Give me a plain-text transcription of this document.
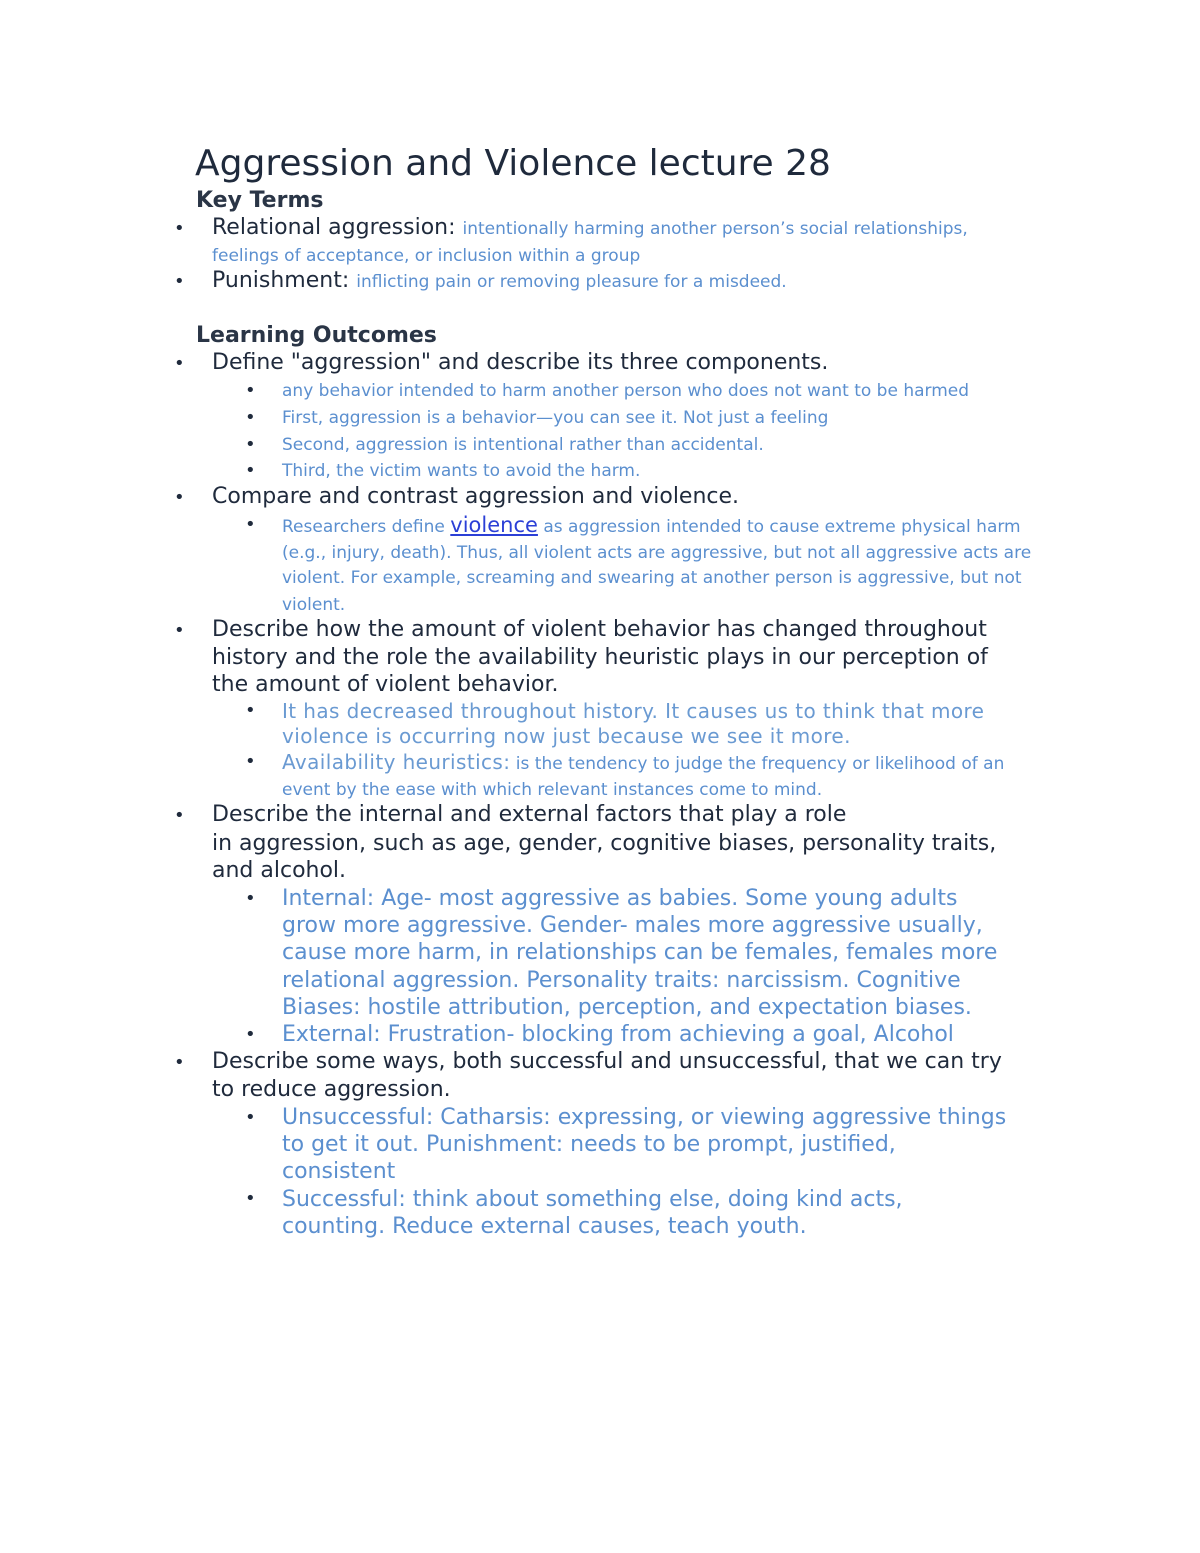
Aggression and Violence lecture 28
Key Terms
• Relational aggression: intentionally harming another person’s social relationships,
feelings of acceptance, or inclusion within a group
• Punishment: inflicting pain or removing pleasure for a misdeed.
Learning Outcomes
• Define "aggression" and describe its three components.
• any behavior intended to harm another person who does not want to be harmed
• First, aggression is a behavior—you can see it. Not just a feeling
• Second, aggression is intentional rather than accidental.
• Third, the victim wants to avoid the harm.
• Compare and contrast aggression and violence.
• Researchers define violence as aggression intended to cause extreme physical harm
(e.g., injury, death). Thus, all violent acts are aggressive, but not all aggressive acts are
violent. For example, screaming and swearing at another person is aggressive, but not
violent.
• Describe how the amount of violent behavior has changed throughout
history and the role the availability heuristic plays in our perception of
the amount of violent behavior.
• It has decreased throughout history. It causes us to think that more
violence is occurring now just because we see it more.
• Availability heuristics: is the tendency to judge the frequency or likelihood of an
event by the ease with which relevant instances come to mind.
• Describe the internal and external factors that play a role
in aggression, such as age, gender, cognitive biases, personality traits,
and alcohol.
• Internal: Age- most aggressive as babies. Some young adults
grow more aggressive. Gender- males more aggressive usually,
cause more harm, in relationships can be females, females more
relational aggression. Personality traits: narcissism. Cognitive
Biases: hostile attribution, perception, and expectation biases.
• External: Frustration- blocking from achieving a goal, Alcohol
• Describe some ways, both successful and unsuccessful, that we can try
to reduce aggression.
• Unsuccessful: Catharsis: expressing, or viewing aggressive things
to get it out. Punishment: needs to be prompt, justified,
consistent
• Successful: think about something else, doing kind acts,
counting. Reduce external causes, teach youth.
